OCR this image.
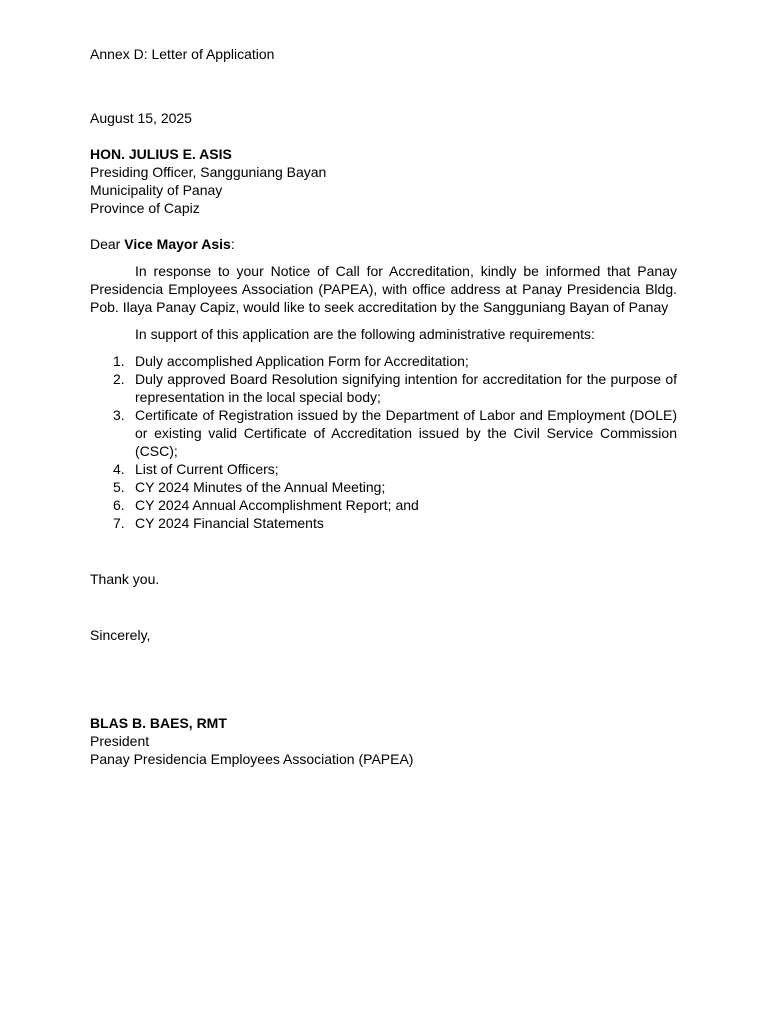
Annex D: Letter of Application
August 15, 2025
HON. JULIUS E. ASIS
Presiding Officer, Sangguniang Bayan
Municipality of Panay
Province of Capiz
Dear Vice Mayor Asis:

In response to your Notice of Call for Accreditation, kindly be informed that Panay Presidencia Employees Association (PAPEA), with office address at Panay Presidencia Bldg. Pob. Ilaya Panay Capiz, would like to seek accreditation by the Sangguniang Bayan of Panay

In support of this application are the following administrative requirements:

1. Duly accomplished Application Form for Accreditation;
2. Duly approved Board Resolution signifying intention for accreditation for the purpose of representation in the local special body;
3. Certificate of Registration issued by the Department of Labor and Employment (DOLE) or existing valid Certificate of Accreditation issued by the Civil Service Commission (CSC);
4. List of Current Officers;
5. CY 2024 Minutes of the Annual Meeting;
6. CY 2024 Annual Accomplishment Report; and
7. CY 2024 Financial Statements
Thank you.
Sincerely,
BLAS B. BAES, RMT
President
Panay Presidencia Employees Association (PAPEA)
